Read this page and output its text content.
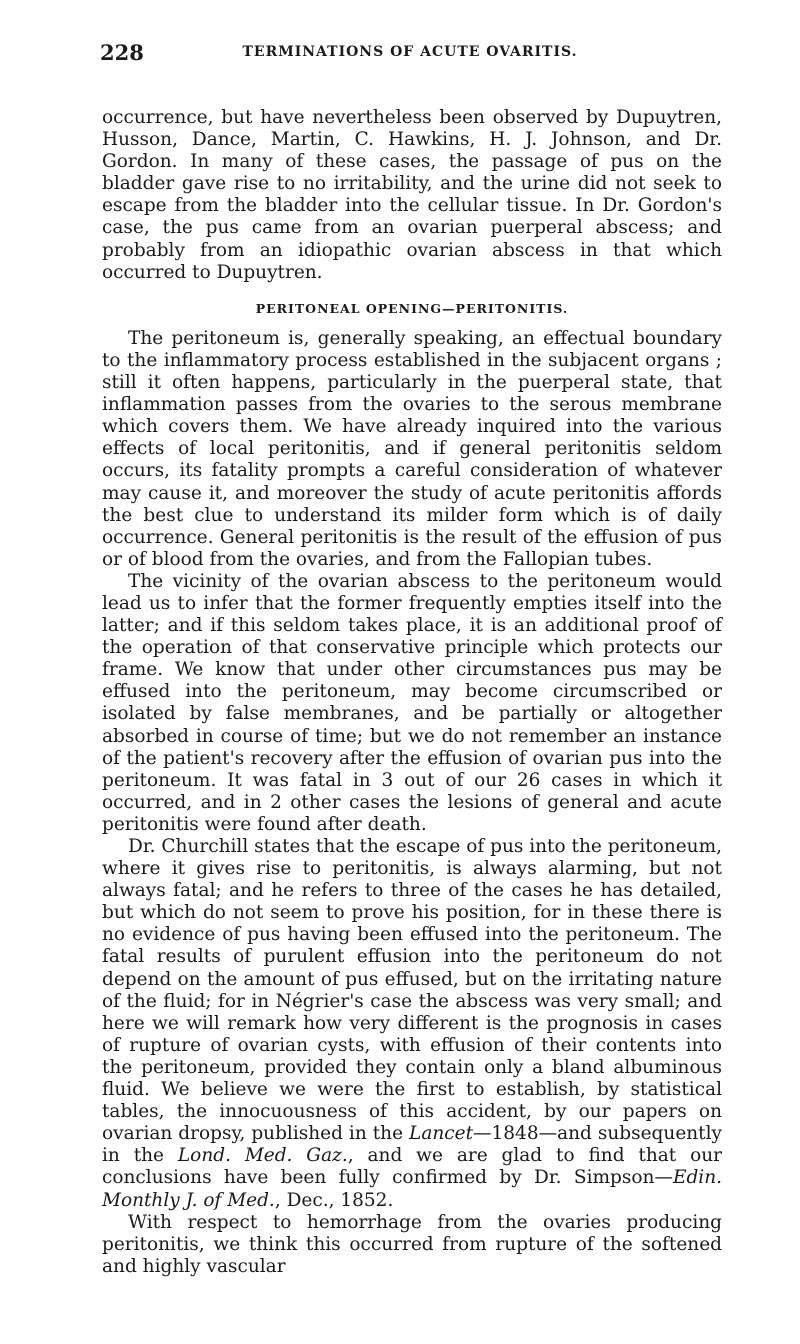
228	TERMINATIONS OF ACUTE OVARITIS.

occurrence, but have nevertheless been observed by Dupuytren, Husson, Dance, Martin, C. Hawkins, H. J. Johnson, and Dr. Gordon. In many of these cases, the passage of pus on the bladder gave rise to no irritability, and the urine did not seek to escape from the bladder into the cellular tissue. In Dr. Gordon's case, the pus came from an ovarian puerperal abscess; and probably from an idiopathic ovarian abscess in that which occurred to Dupuytren.

PERITONEAL OPENING—PERITONITIS.

The peritoneum is, generally speaking, an effectual boundary to the inflammatory process established in the subjacent organs ; still it often happens, particularly in the puerperal state, that inflammation passes from the ovaries to the serous membrane which covers them. We have already inquired into the various effects of local peritonitis, and if general peritonitis seldom occurs, its fatality prompts a careful consideration of whatever may cause it, and moreover the study of acute peritonitis affords the best clue to understand its milder form which is of daily occurrence. General peritonitis is the result of the effusion of pus or of blood from the ovaries, and from the Fallopian tubes.

The vicinity of the ovarian abscess to the peritoneum would lead us to infer that the former frequently empties itself into the latter; and if this seldom takes place, it is an additional proof of the operation of that conservative principle which protects our frame. We know that under other circumstances pus may be effused into the peritoneum, may become circumscribed or isolated by false membranes, and be partially or altogether absorbed in course of time; but we do not remember an instance of the patient's recovery after the effusion of ovarian pus into the peritoneum. It was fatal in 3 out of our 26 cases in which it occurred, and in 2 other cases the lesions of general and acute peritonitis were found after death.

Dr. Churchill states that the escape of pus into the peritoneum, where it gives rise to peritonitis, is always alarming, but not always fatal; and he refers to three of the cases he has detailed, but which do not seem to prove his position, for in these there is no evidence of pus having been effused into the peritoneum. The fatal results of purulent effusion into the peritoneum do not depend on the amount of pus effused, but on the irritating nature of the fluid; for in Négrier's case the abscess was very small; and here we will remark how very different is the prognosis in cases of rupture of ovarian cysts, with effusion of their contents into the peritoneum, provided they contain only a bland albuminous fluid. We believe we were the first to establish, by statistical tables, the innocuousness of this accident, by our papers on ovarian dropsy, published in the Lancet—1848—and subsequently in the Lond. Med. Gaz., and we are glad to find that our conclusions have been fully confirmed by Dr. Simpson—Edin. Monthly J. of Med., Dec., 1852.

With respect to hemorrhage from the ovaries producing peritonitis, we think this occurred from rupture of the softened and highly vascular
